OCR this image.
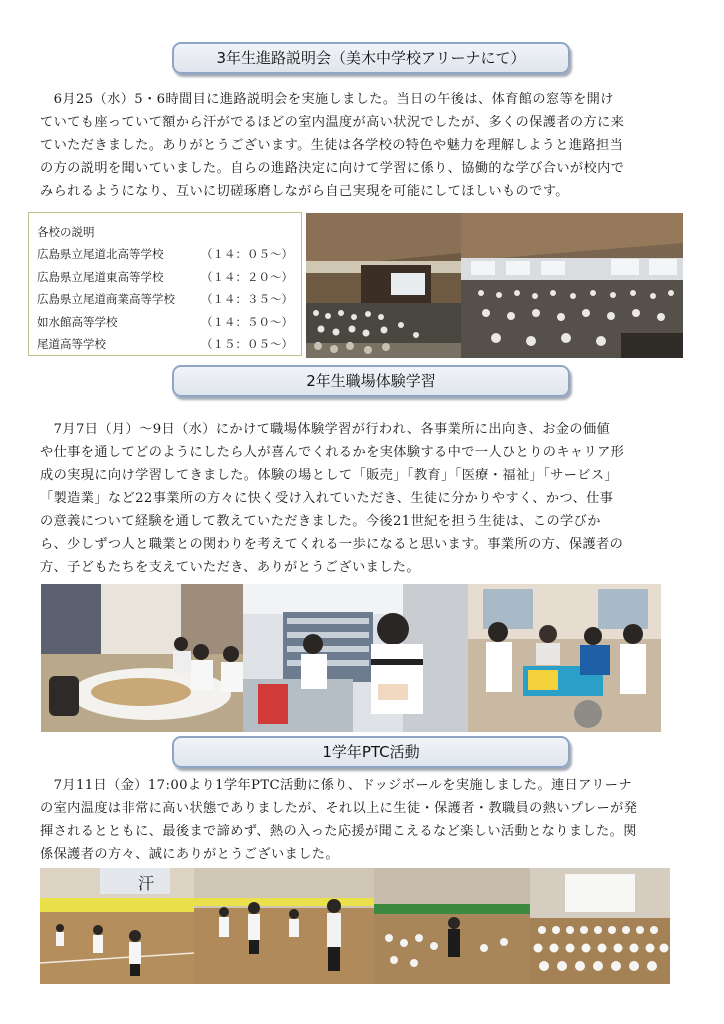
3年生進路説明会（美木中学校アリーナにて）
　6月25（水）5・6時間目に進路説明会を実施しました。当日の午後は、体育館の窓等を開け
ていても座っていて額から汗がでるほどの室内温度が高い状況でしたが、多くの保護者の方に来
ていただきました。ありがとうございます。生徒は各学校の特色や魅力を理解しようと進路担当
の方の説明を聞いていました。自らの進路決定に向けて学習に係り、協働的な学び合いが校内で
みられるようになり、互いに切磋琢磨しながら自己実現を可能にしてほしいものです。
各校の説明
広島県立尾道北高等学校	（１４：０５〜）
広島県立尾道東高等学校	（１４：２０〜）
広島県立尾道商業高等学校 （１４：３５〜）
如水館高等学校	（１４：５０〜）
尾道高等学校	（１５：０５〜）
2年生職場体験学習
　7月7日（月）〜9日（水）にかけて職場体験学習が行われ、各事業所に出向き、お金の価値
や仕事を通してどのようにしたら人が喜んでくれるかを実体験する中で一人ひとりのキャリア形
成の実現に向け学習してきました。体験の場として「販売」「教育」「医療・福祉」「サービス」
「製造業」など22事業所の方々に快く受け入れていただき、生徒に分かりやすく、かつ、仕事
の意義について経験を通して教えていただきました。今後21世紀を担う生徒は、この学びか
ら、少しずつ人と職業との関わりを考えてくれる一歩になると思います。事業所の方、保護者の
方、子どもたちを支えていただき、ありがとうございました。
1学年PTC活動
　7月11日（金）17:00より1学年PTC活動に係り、ドッジボールを実施しました。連日アリーナ
の室内温度は非常に高い状態でありましたが、それ以上に生徒・保護者・教職員の熱いプレーが発
揮されるとともに、最後まで諦めず、熱の入った応援が聞こえるなど楽しい活動となりました。関
係保護者の方々、誠にありがとうございました。
汗
